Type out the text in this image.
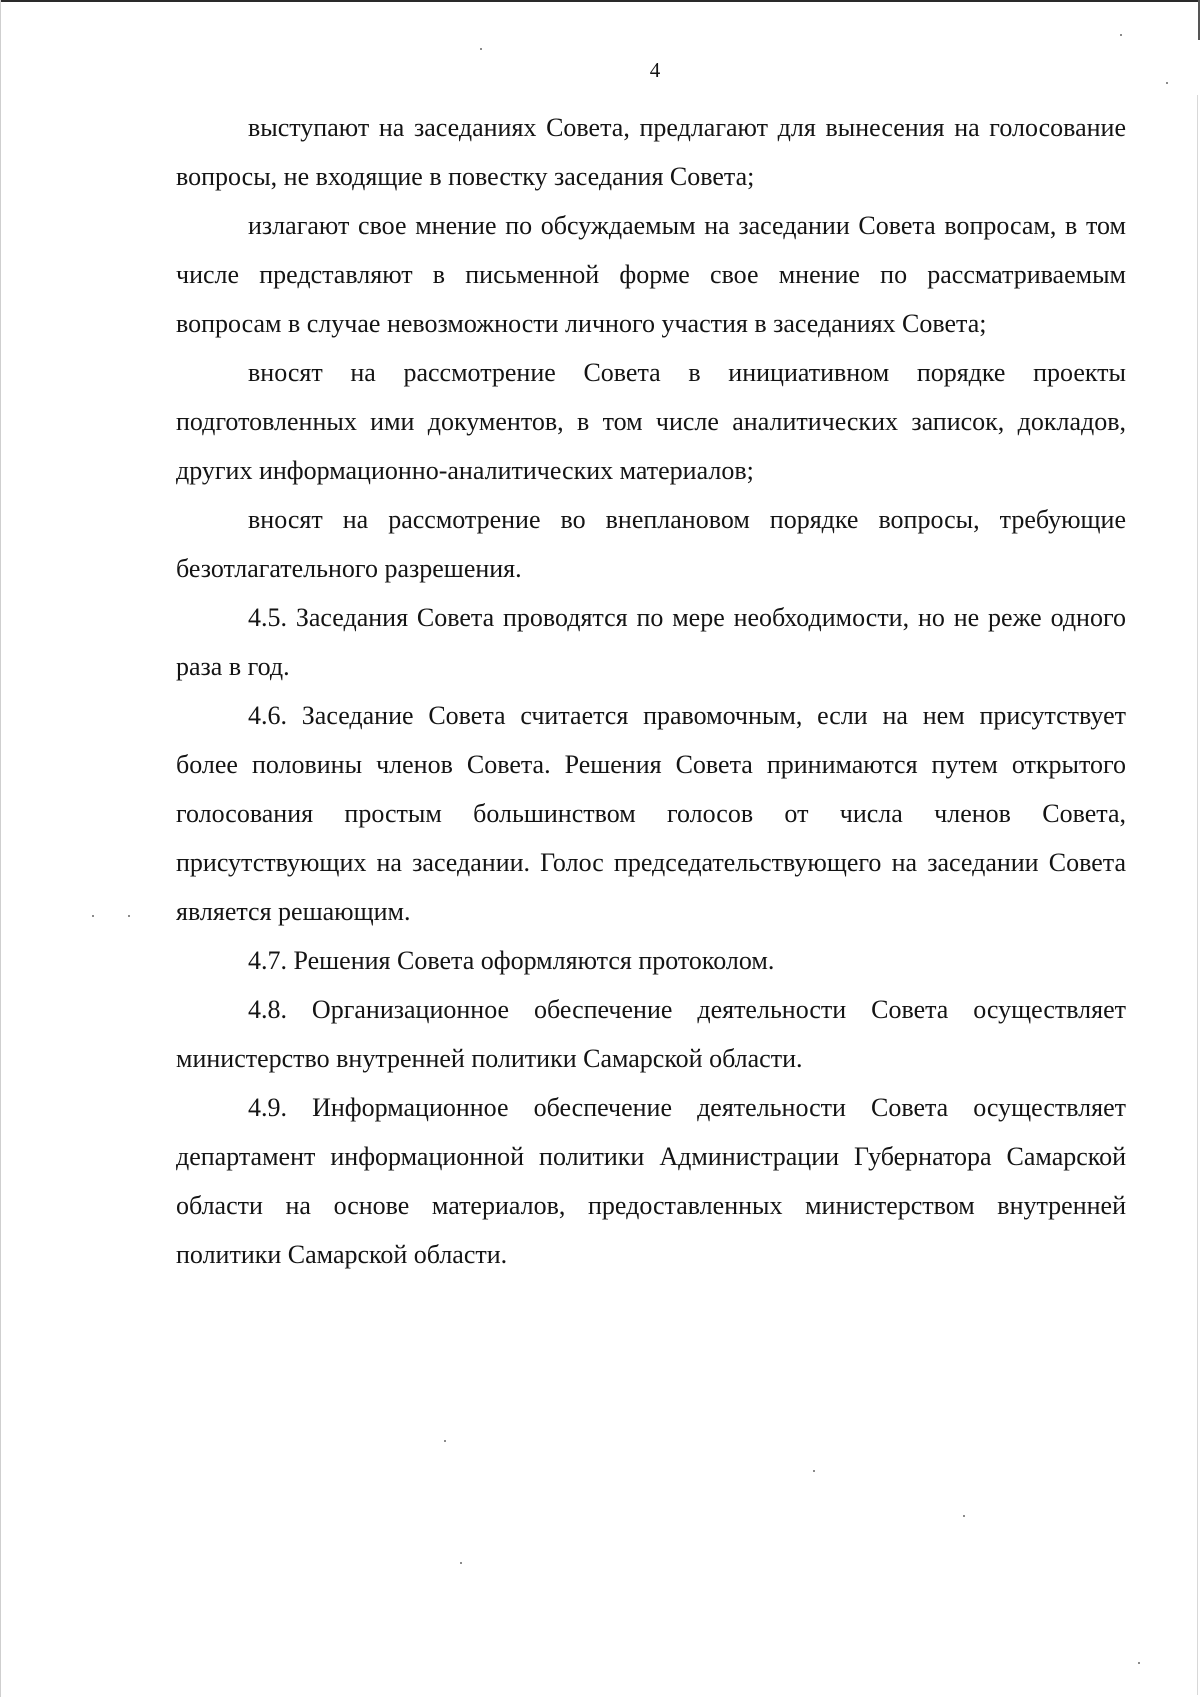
4

выступают на заседаниях Совета, предлагают для вынесения на голосование вопросы, не входящие в повестку заседания Совета;

излагают свое мнение по обсуждаемым на заседании Совета вопросам, в том числе представляют в письменной форме свое мнение по рассматриваемым вопросам в случае невозможности личного участия в заседаниях Совета;

вносят на рассмотрение Совета в инициативном порядке проекты подготовленных ими документов, в том числе аналитических записок, докладов, других информационно-аналитических материалов;

вносят на рассмотрение во внеплановом порядке вопросы, требующие безотлагательного разрешения.

4.5. Заседания Совета проводятся по мере необходимости, но не реже одного раза в год.

4.6. Заседание Совета считается правомочным, если на нем присутствует более половины членов Совета. Решения Совета принимаются путем открытого голосования простым большинством голосов от числа членов Совета, присутствующих на заседании. Голос председательствующего на заседании Совета является решающим.

4.7. Решения Совета оформляются протоколом.

4.8. Организационное обеспечение деятельности Совета осуществляет министерство внутренней политики Самарской области.

4.9. Информационное обеспечение деятельности Совета осуществляет департамент информационной политики Администрации Губернатора Самарской области на основе материалов, предоставленных министерством внутренней политики Самарской области.
